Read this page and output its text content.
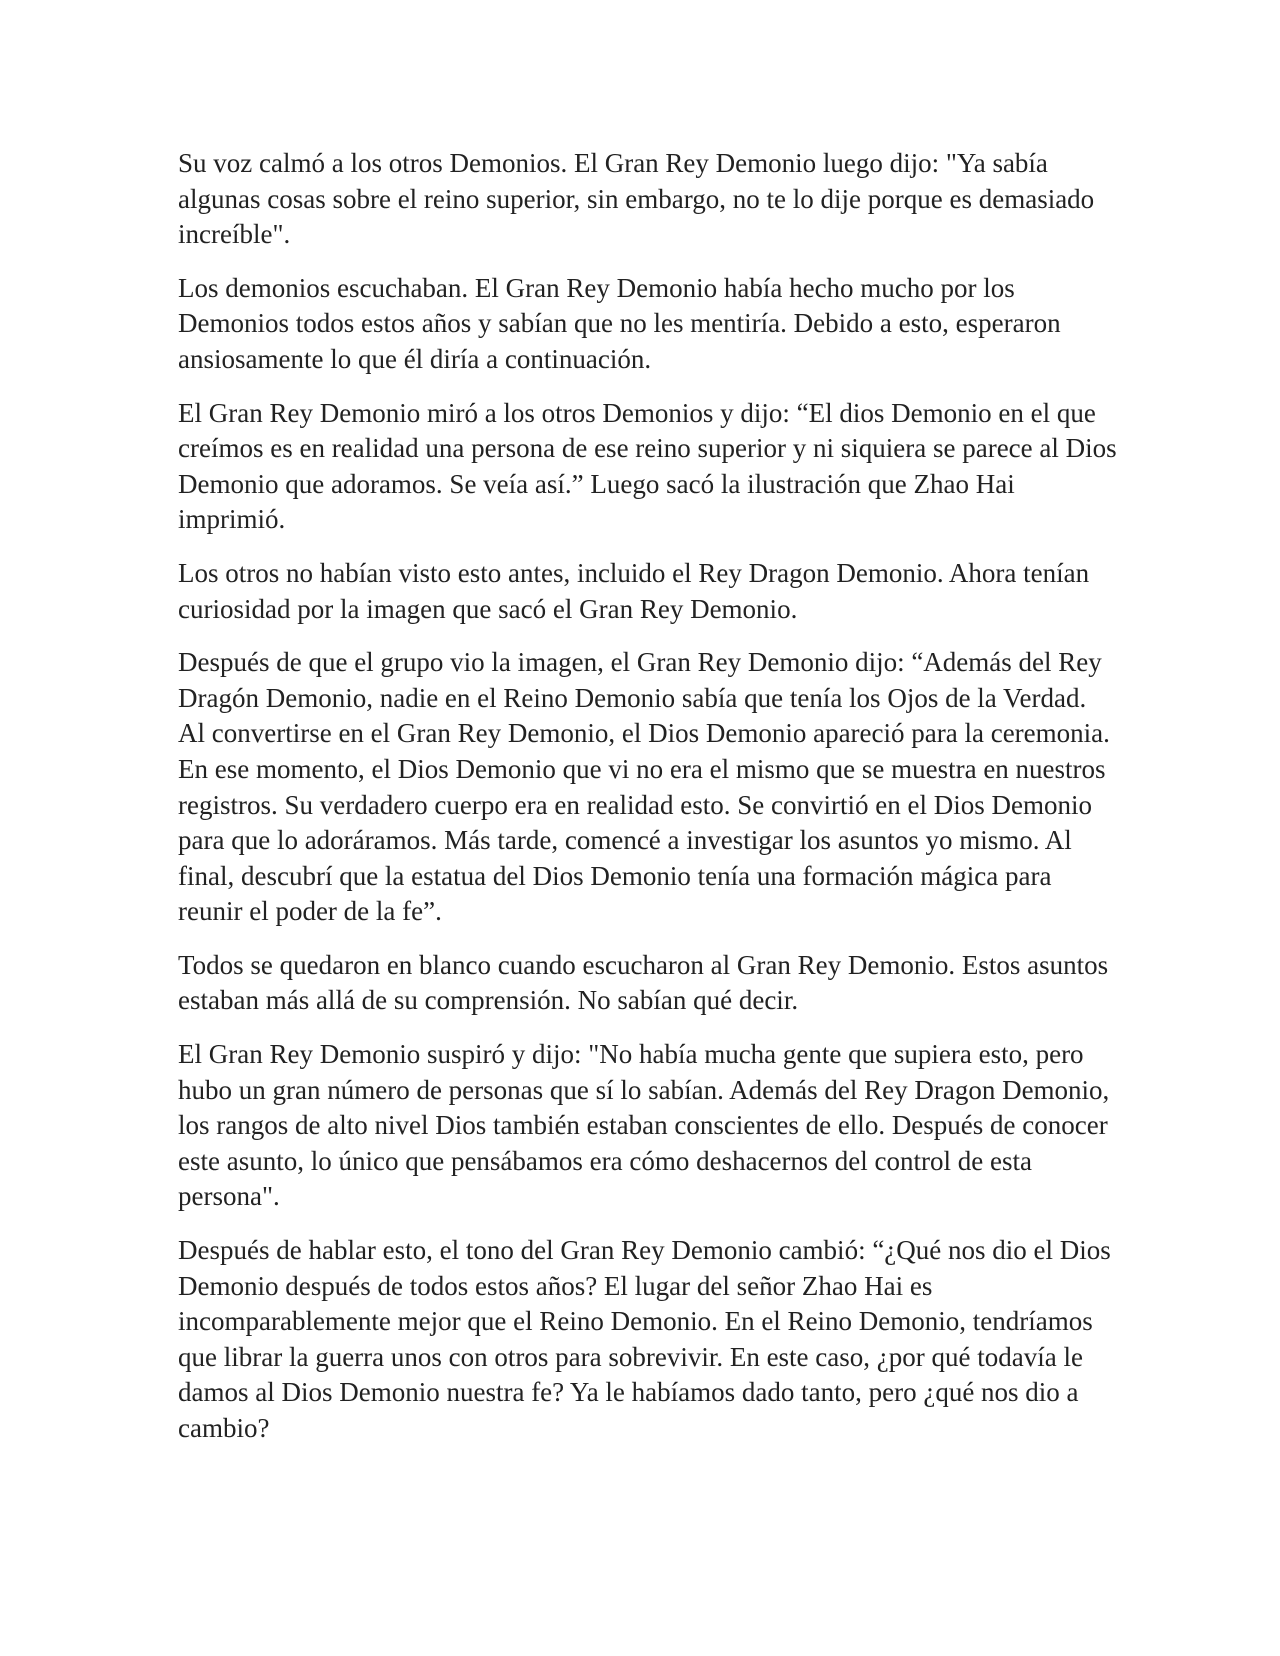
Su voz calmó a los otros Demonios. El Gran Rey Demonio luego dijo: "Ya sabía algunas cosas sobre el reino superior, sin embargo, no te lo dije porque es demasiado increíble".

Los demonios escuchaban. El Gran Rey Demonio había hecho mucho por los Demonios todos estos años y sabían que no les mentiría. Debido a esto, esperaron ansiosamente lo que él diría a continuación.

El Gran Rey Demonio miró a los otros Demonios y dijo: “El dios Demonio en el que creímos es en realidad una persona de ese reino superior y ni siquiera se parece al Dios Demonio que adoramos. Se veía así.” Luego sacó la ilustración que Zhao Hai imprimió.

Los otros no habían visto esto antes, incluido el Rey Dragon Demonio. Ahora tenían curiosidad por la imagen que sacó el Gran Rey Demonio.

Después de que el grupo vio la imagen, el Gran Rey Demonio dijo: “Además del Rey Dragón Demonio, nadie en el Reino Demonio sabía que tenía los Ojos de la Verdad. Al convertirse en el Gran Rey Demonio, el Dios Demonio apareció para la ceremonia. En ese momento, el Dios Demonio que vi no era el mismo que se muestra en nuestros registros. Su verdadero cuerpo era en realidad esto. Se convirtió en el Dios Demonio para que lo adoráramos. Más tarde, comencé a investigar los asuntos yo mismo. Al final, descubrí que la estatua del Dios Demonio tenía una formación mágica para reunir el poder de la fe”.

Todos se quedaron en blanco cuando escucharon al Gran Rey Demonio. Estos asuntos estaban más allá de su comprensión. No sabían qué decir.

El Gran Rey Demonio suspiró y dijo: "No había mucha gente que supiera esto, pero hubo un gran número de personas que sí lo sabían. Además del Rey Dragon Demonio, los rangos de alto nivel Dios también estaban conscientes de ello. Después de conocer este asunto, lo único que pensábamos era cómo deshacernos del control de esta persona".

Después de hablar esto, el tono del Gran Rey Demonio cambió: “¿Qué nos dio el Dios Demonio después de todos estos años? El lugar del señor Zhao Hai es incomparablemente mejor que el Reino Demonio. En el Reino Demonio, tendríamos que librar la guerra unos con otros para sobrevivir. En este caso, ¿por qué todavía le damos al Dios Demonio nuestra fe? Ya le habíamos dado tanto, pero ¿qué nos dio a cambio?
